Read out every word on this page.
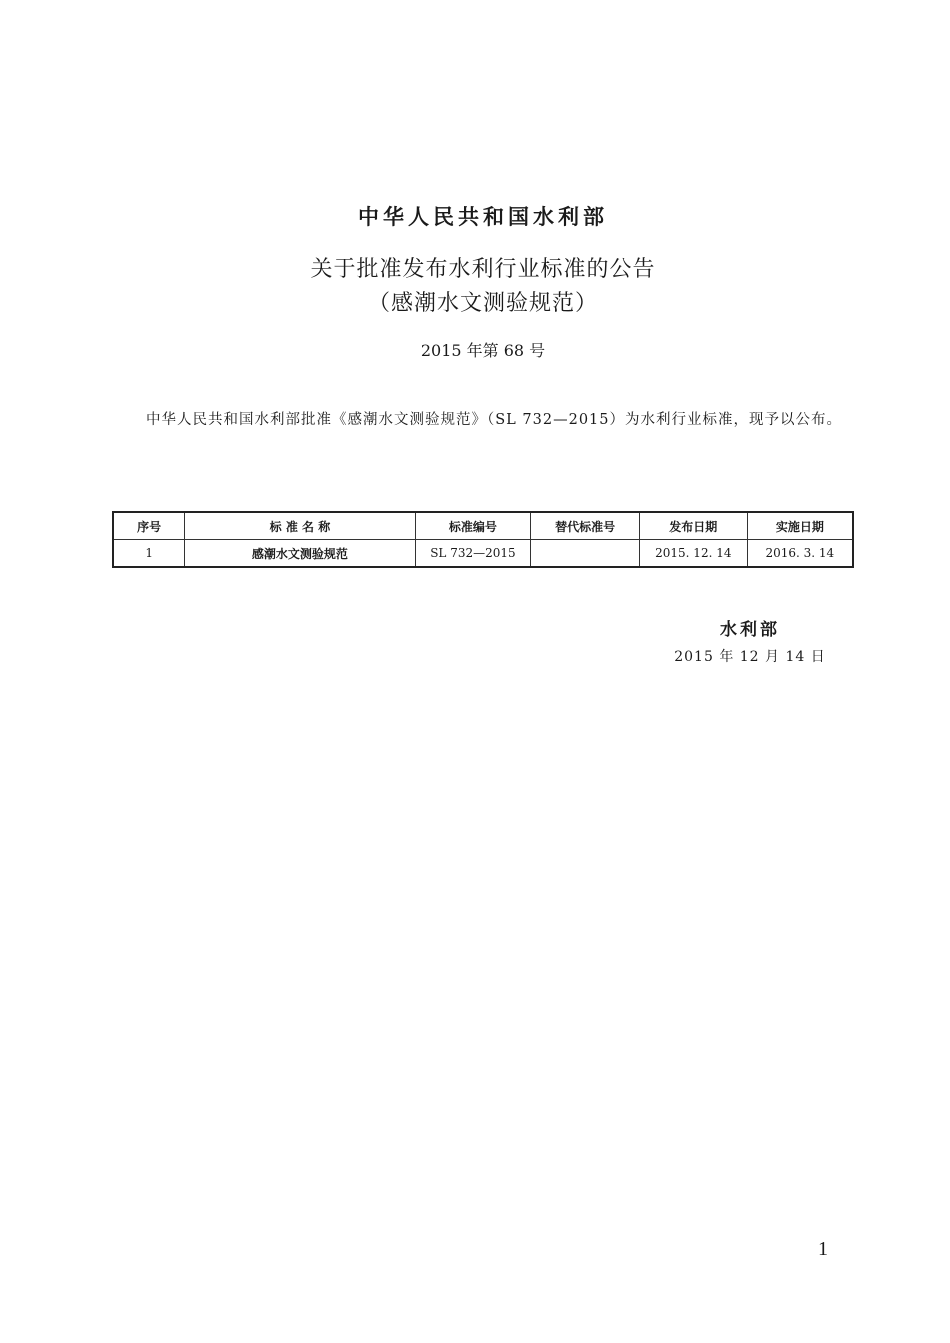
中华人民共和国水利部
关于批准发布水利行业标准的公告
（感潮水文测验规范）
2015 年第 68 号
中华人民共和国水利部批准《感潮水文测验规范》（SL 732—2015）为水利行业标准，现予以公布。
序号	标 准 名 称	标准编号	替代标准号	发布日期	实施日期
1	感潮水文测验规范	SL 732—2015		2015. 12. 14	2016. 3. 14
水利部
2015 年 12 月 14 日
1
